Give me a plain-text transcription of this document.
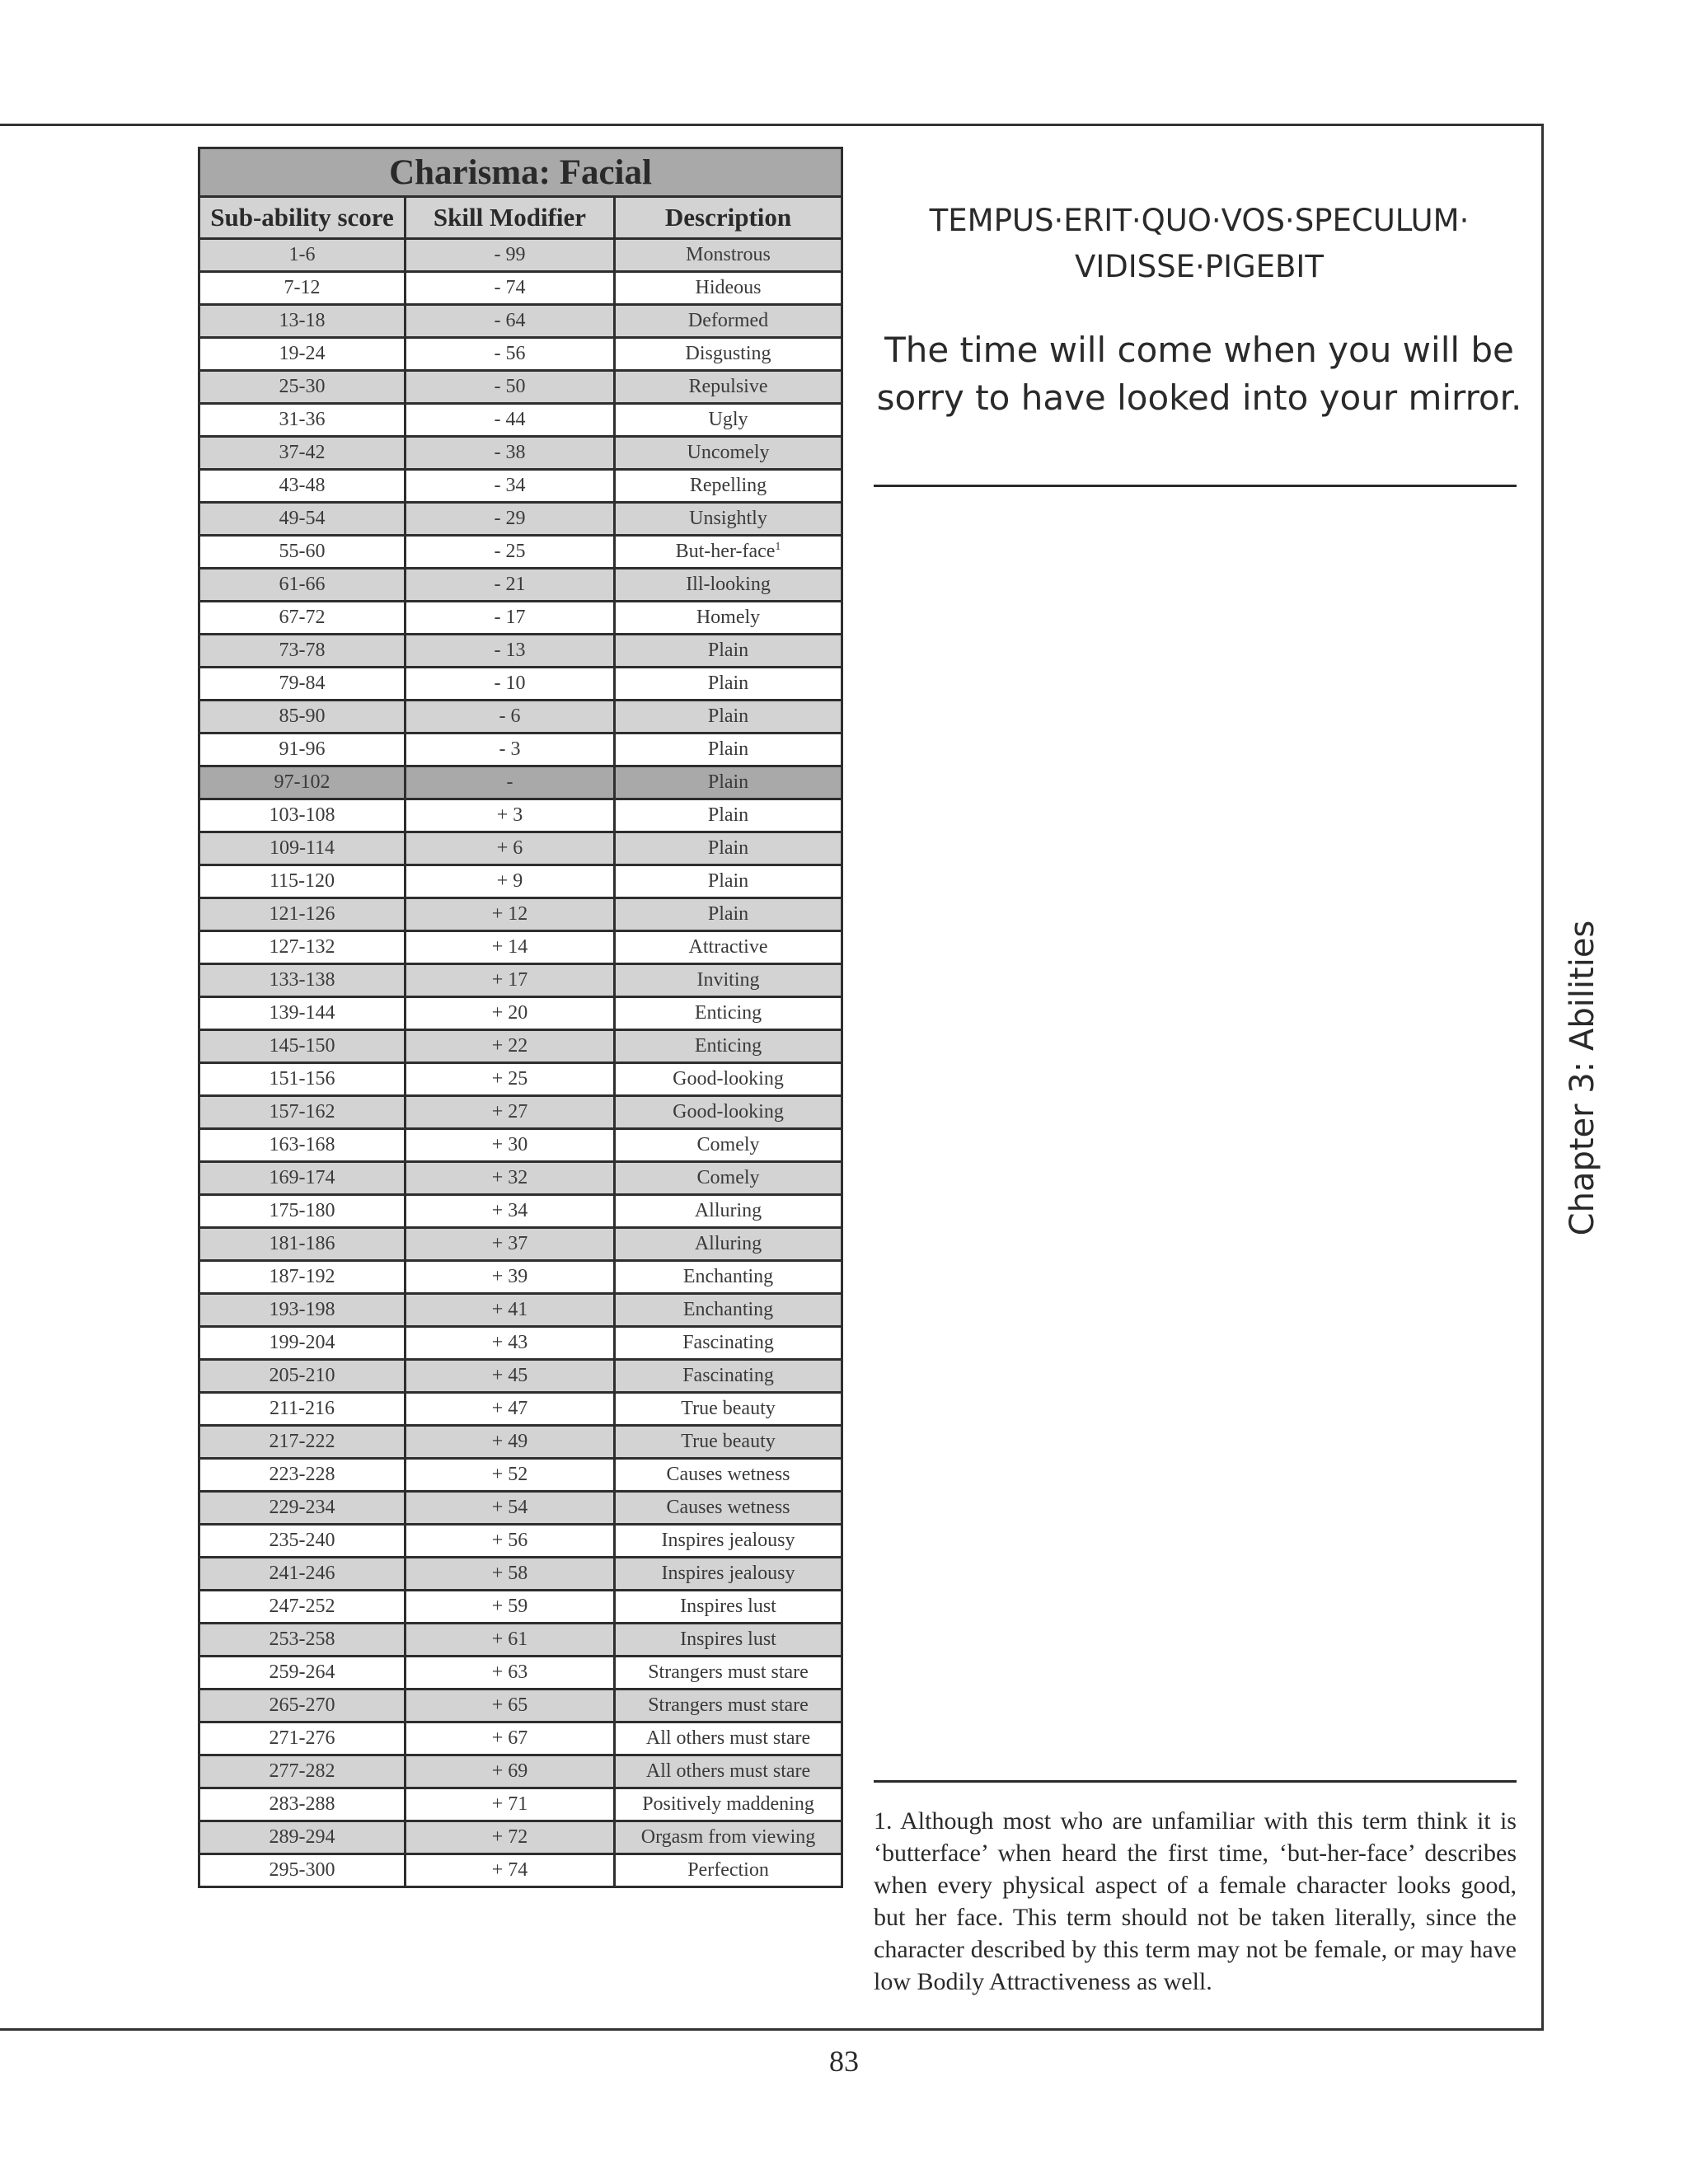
Charisma: Facial		
Sub-ability score	Skill Modifier	Description
1-6	- 99	Monstrous
7-12	- 74	Hideous
13-18	- 64	Deformed
19-24	- 56	Disgusting
25-30	- 50	Repulsive
31-36	- 44	Ugly
37-42	- 38	Uncomely
43-48	- 34	Repelling
49-54	- 29	Unsightly
55-60	- 25	But-her-face$^1$
61-66	- 21	Ill-looking
67-72	- 17	Homely
73-78	- 13	Plain
79-84	- 10	Plain
85-90	- 6	Plain
91-96	- 3	Plain
97-102	-	Plain
103-108	+ 3	Plain
109-114	+ 6	Plain
115-120	+ 9	Plain
121-126	+ 12	Plain
127-132	+ 14	Attractive
133-138	+ 17	Inviting
139-144	+ 20	Enticing
145-150	+ 22	Enticing
151-156	+ 25	Good-looking
157-162	+ 27	Good-looking
163-168	+ 30	Comely
169-174	+ 32	Comely
175-180	+ 34	Alluring
181-186	+ 37	Alluring
187-192	+ 39	Enchanting
193-198	+ 41	Enchanting
199-204	+ 43	Fascinating
205-210	+ 45	Fascinating
211-216	+ 47	True beauty
217-222	+ 49	True beauty
223-228	+ 52	Causes wetness
229-234	+ 54	Causes wetness
235-240	+ 56	Inspires jealousy
241-246	+ 58	Inspires jealousy
247-252	+ 59	Inspires lust
253-258	+ 61	Inspires lust
259-264	+ 63	Strangers must stare
265-270	+ 65	Strangers must stare
271-276	+ 67	All others must stare
277-282	+ 69	All others must stare
283-288	+ 71	Positively maddening
289-294	+ 72	Orgasm from viewing
295-300	+ 74	Perfection
TEMPUS·ERIT·QUO·VOS·SPECULUM·
VIDISSE·PIGEBIT
The time will come when you will be
sorry to have looked into your mirror.
1. Although most who are unfamiliar with this term think it is ‘butterface’ when heard the first time, ‘but-her-face’ describes when every physical aspect of a female character looks good, but her face. This term should not be taken literally, since the character described by this term may not be female, or may have low Bodily Attractiveness as well.
Chapter 3: Abilities
83
